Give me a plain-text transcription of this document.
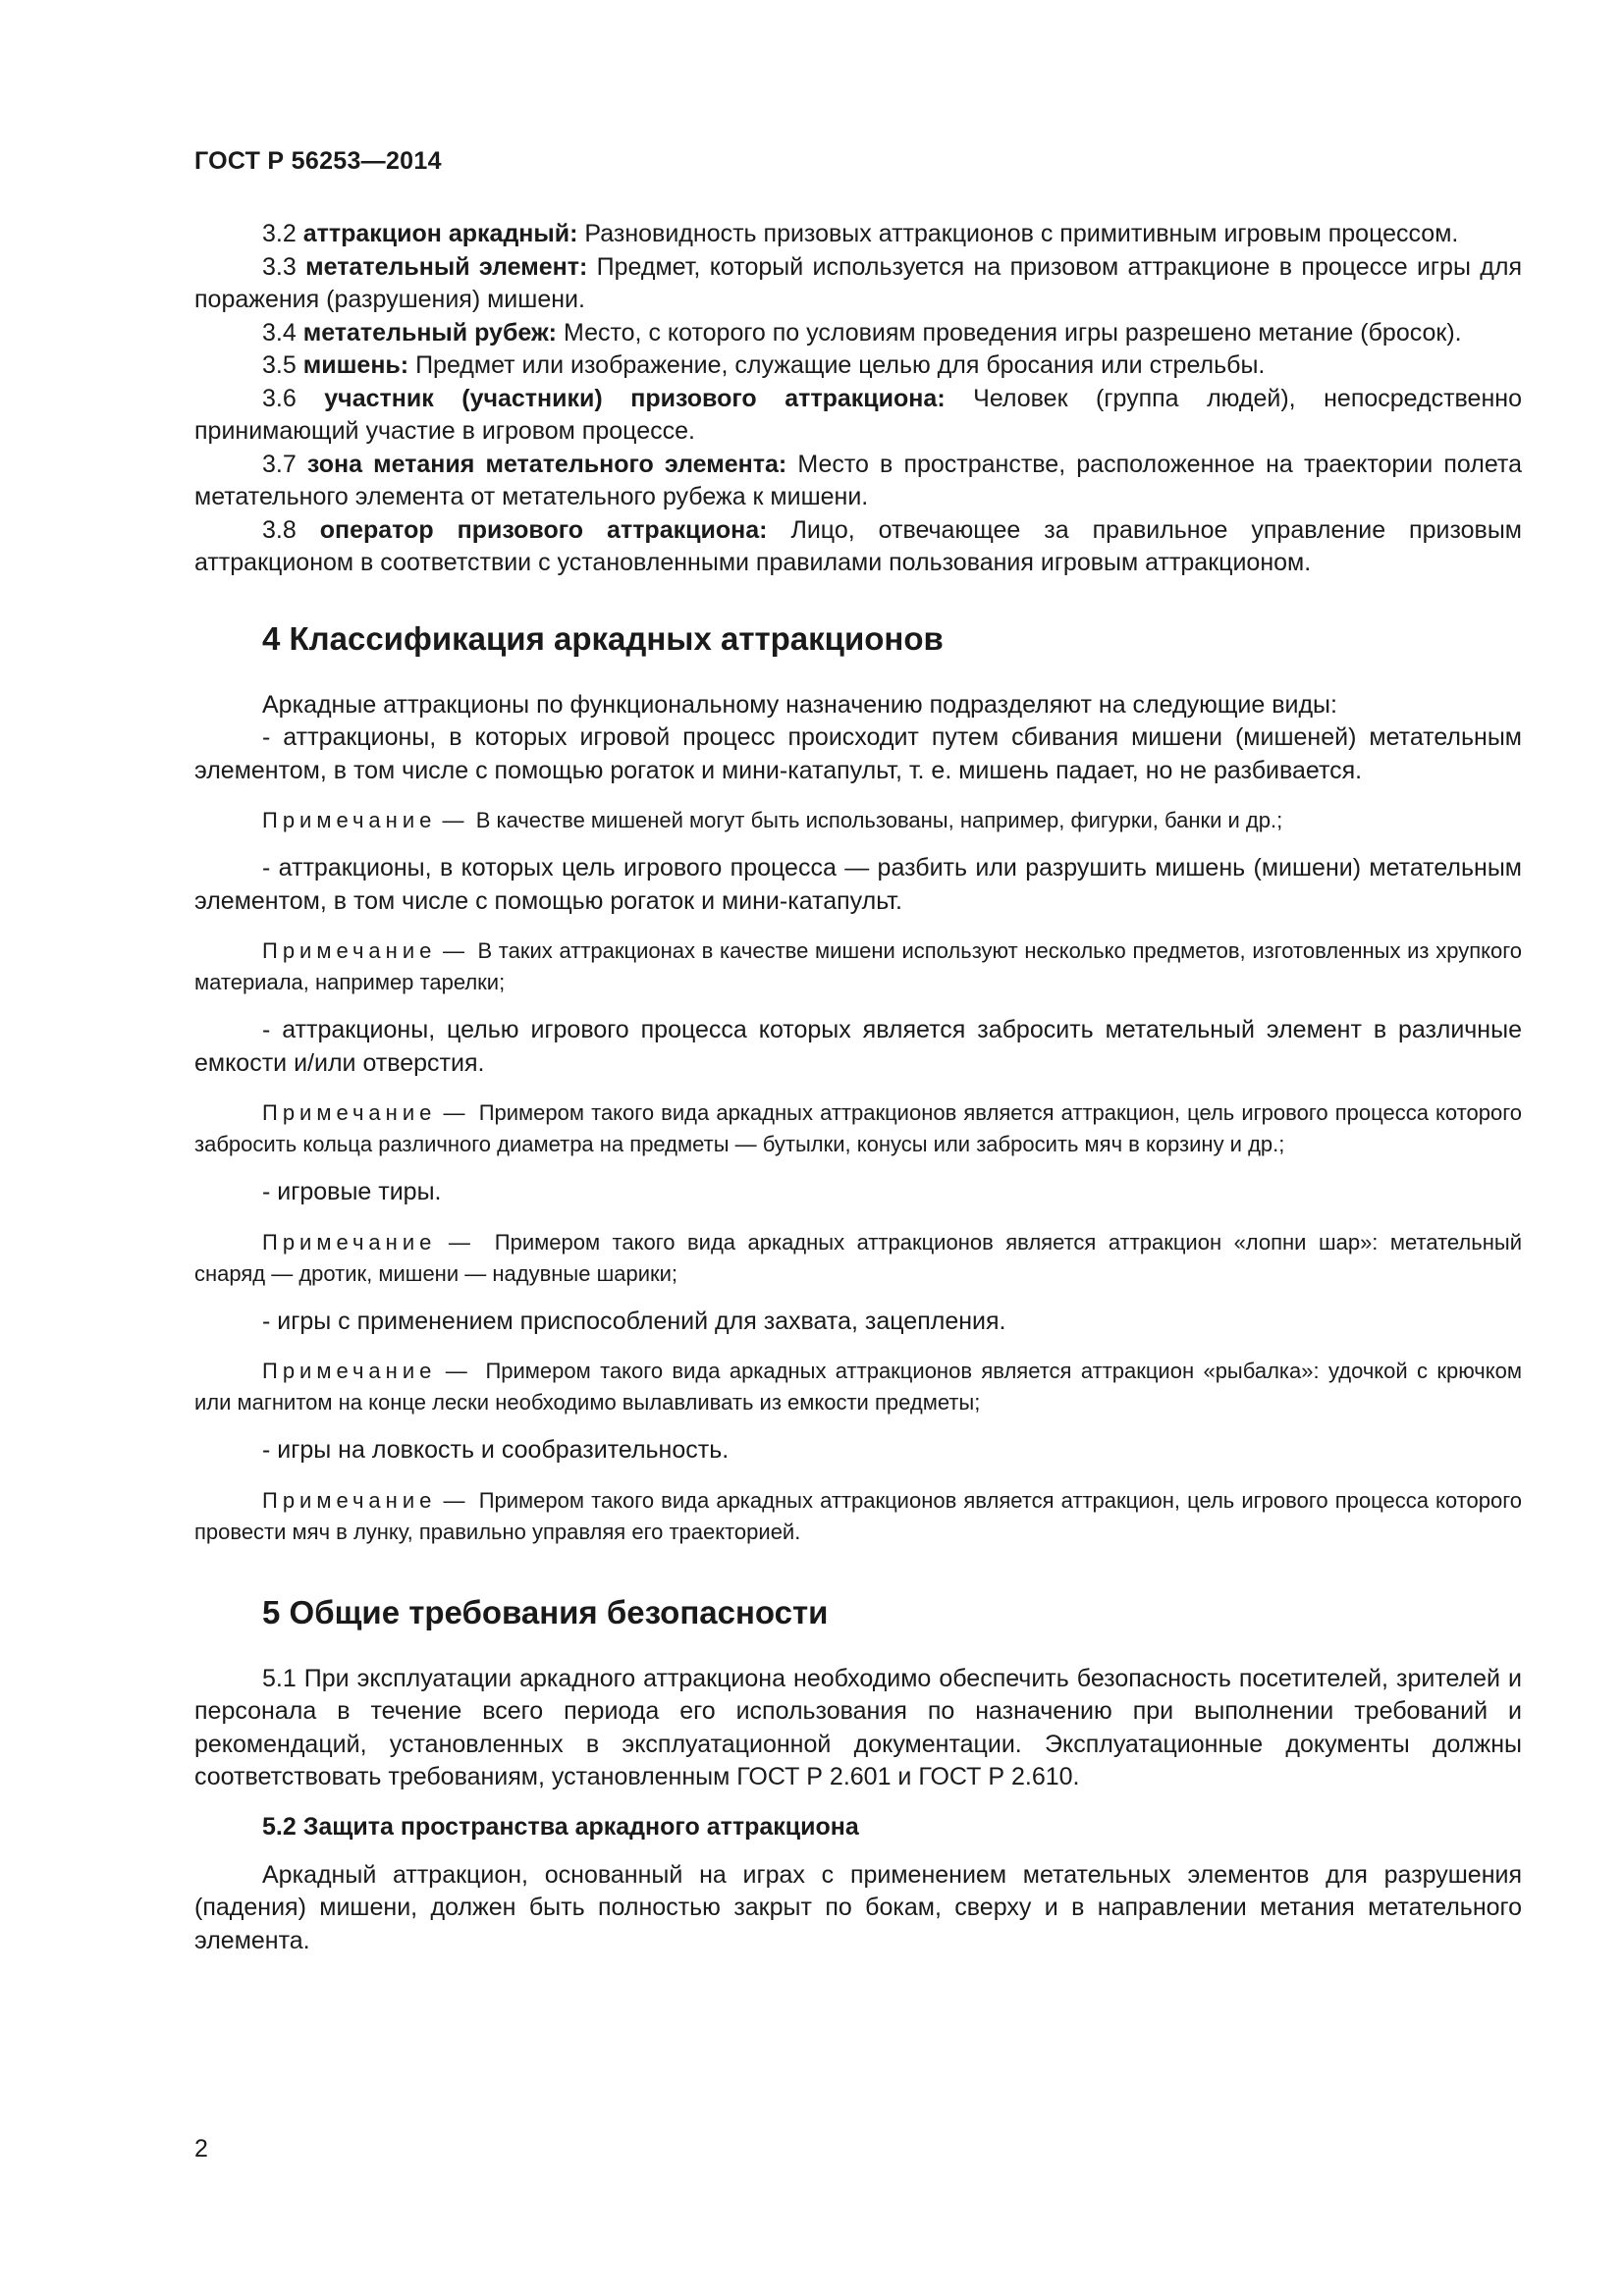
ГОСТ Р 56253—2014

3.2 аттракцион аркадный: Разновидность призовых аттракционов с примитивным игровым процессом.

3.3 метательный элемент: Предмет, который используется на призовом аттракционе в процессе игры для поражения (разрушения) мишени.

3.4 метательный рубеж: Место, с которого по условиям проведения игры разрешено метание (бросок).

3.5 мишень: Предмет или изображение, служащие целью для бросания или стрельбы.

3.6 участник (участники) призового аттракциона: Человек (группа людей), непосредственно принимающий участие в игровом процессе.

3.7 зона метания метательного элемента: Место в пространстве, расположенное на траектории полета метательного элемента от метательного рубежа к мишени.

3.8 оператор призового аттракциона: Лицо, отвечающее за правильное управление призовым аттракционом в соответствии с установленными правилами пользования игровым аттракционом.

4 Классификация аркадных аттракционов

Аркадные аттракционы по функциональному назначению подразделяют на следующие виды:

- аттракционы, в которых игровой процесс происходит путем сбивания мишени (мишеней) метательным элементом, в том числе с помощью рогаток и мини-катапульт, т. е. мишень падает, но не разбивается.

Примечание — В качестве мишеней могут быть использованы, например, фигурки, банки и др.;

- аттракционы, в которых цель игрового процесса — разбить или разрушить мишень (мишени) метательным элементом, в том числе с помощью рогаток и мини-катапульт.

Примечание — В таких аттракционах в качестве мишени используют несколько предметов, изготовленных из хрупкого материала, например тарелки;

- аттракционы, целью игрового процесса которых является забросить метательный элемент в различные емкости и/или отверстия.

Примечание — Примером такого вида аркадных аттракционов является аттракцион, цель игрового процесса которого забросить кольца различного диаметра на предметы — бутылки, конусы или забросить мяч в корзину и др.;

- игровые тиры.

Примечание — Примером такого вида аркадных аттракционов является аттракцион «лопни шар»: метательный снаряд — дротик, мишени — надувные шарики;

- игры с применением приспособлений для захвата, зацепления.

Примечание — Примером такого вида аркадных аттракционов является аттракцион «рыбалка»: удочкой с крючком или магнитом на конце лески необходимо вылавливать из емкости предметы;

- игры на ловкость и сообразительность.

Примечание — Примером такого вида аркадных аттракционов является аттракцион, цель игрового процесса которого провести мяч в лунку, правильно управляя его траекторией.

5 Общие требования безопасности

5.1 При эксплуатации аркадного аттракциона необходимо обеспечить безопасность посетителей, зрителей и персонала в течение всего периода его использования по назначению при выполнении требований и рекомендаций, установленных в эксплуатационной документации. Эксплуатационные документы должны соответствовать требованиям, установленным ГОСТ Р 2.601 и ГОСТ Р 2.610.

5.2 Защита пространства аркадного аттракциона

Аркадный аттракцион, основанный на играх с применением метательных элементов для разрушения (падения) мишени, должен быть полностью закрыт по бокам, сверху и в направлении метания метательного элемента.

2
